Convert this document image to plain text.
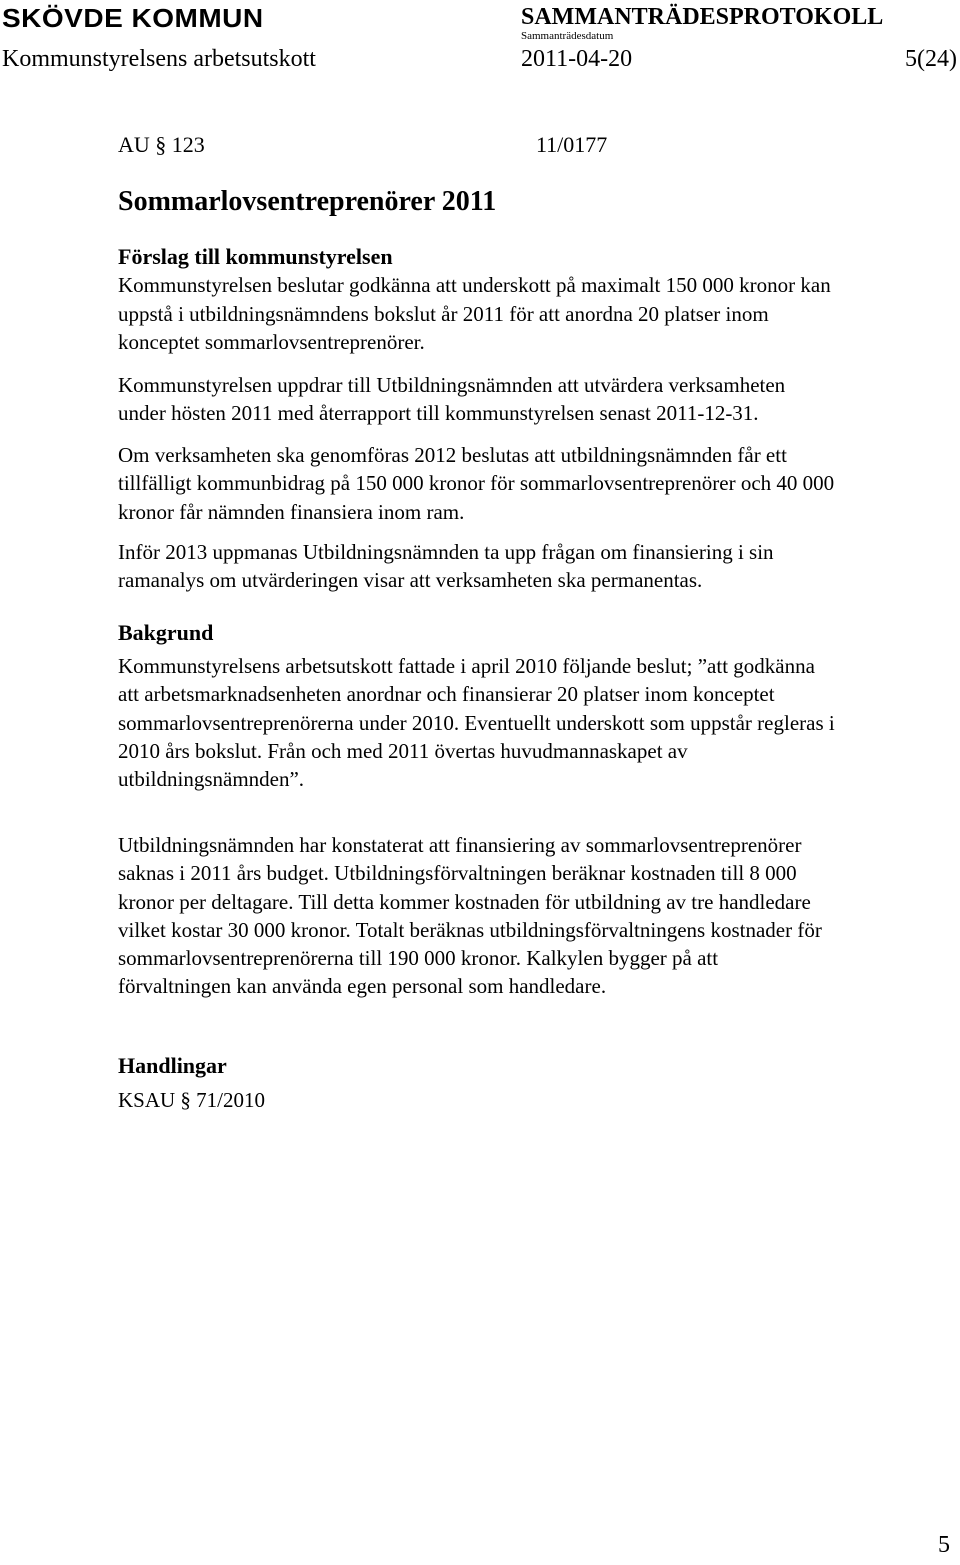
SKÖVDE KOMMUN	SAMMANTRÄDESPROTOKOLL
Sammanträdesdatum
Kommunstyrelsens arbetsutskott	2011-04-20	5(24)
AU § 123	11/0177
Sommarlovsentreprenörer 2011
Förslag till kommunstyrelsen
Kommunstyrelsen beslutar godkänna att underskott på maximalt 150 000 kronor kan
uppstå i utbildningsnämndens bokslut år 2011 för att anordna 20 platser inom
konceptet sommarlovsentreprenörer.
Kommunstyrelsen uppdrar till Utbildningsnämnden att utvärdera verksamheten
under hösten 2011 med återrapport till kommunstyrelsen senast 2011-12-31.
Om verksamheten ska genomföras 2012 beslutas att utbildningsnämnden får ett
tillfälligt kommunbidrag på 150 000 kronor för sommarlovsentreprenörer och 40 000
kronor får nämnden finansiera inom ram.
Inför 2013 uppmanas Utbildningsnämnden ta upp frågan om finansiering i sin
ramanalys om utvärderingen visar att verksamheten ska permanentas.
Bakgrund
Kommunstyrelsens arbetsutskott fattade i april 2010 följande beslut; ”att godkänna
att arbetsmarknadsenheten anordnar och finansierar 20 platser inom konceptet
sommarlovsentreprenörerna under 2010. Eventuellt underskott som uppstår regleras i
2010 års bokslut. Från och med 2011 övertas huvudmannaskapet av
utbildningsnämnden”.
Utbildningsnämnden har konstaterat att finansiering av sommarlovsentreprenörer
saknas i 2011 års budget. Utbildningsförvaltningen beräknar kostnaden till 8 000
kronor per deltagare. Till detta kommer kostnaden för utbildning av tre handledare
vilket kostar 30 000 kronor. Totalt beräknas utbildningsförvaltningens kostnader för
sommarlovsentreprenörerna till 190 000 kronor. Kalkylen bygger på att
förvaltningen kan använda egen personal som handledare.
Handlingar
KSAU § 71/2010
5
